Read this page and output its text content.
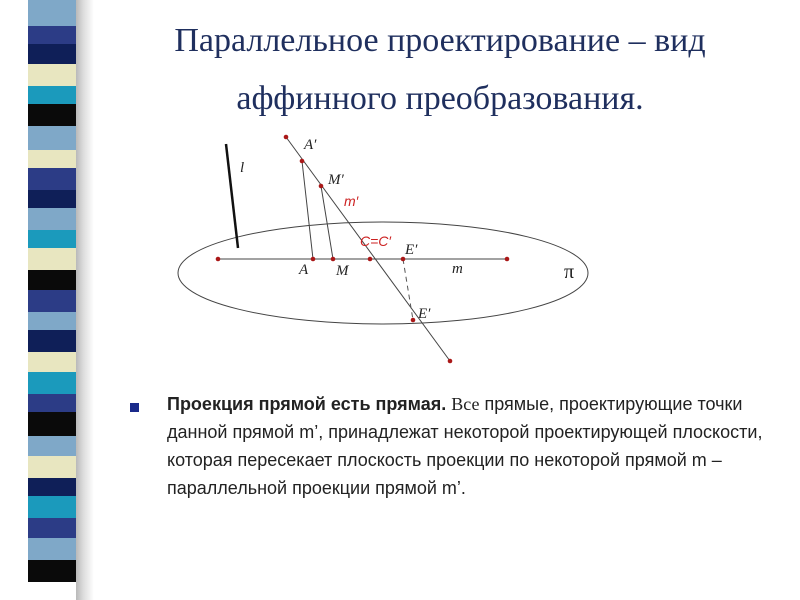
Параллельное проектирование – вид
аффинного преобразования.
l
A′
M′
m′
C=C′
E′
A M	m
E′
π
Проекция прямой есть прямая. Все прямые, проектирующие точки данной прямой m’, принадлежат некоторой проектирующей плоскости, которая пересекает плоскость проекции по некоторой прямой m – параллельной проекции прямой m’.
